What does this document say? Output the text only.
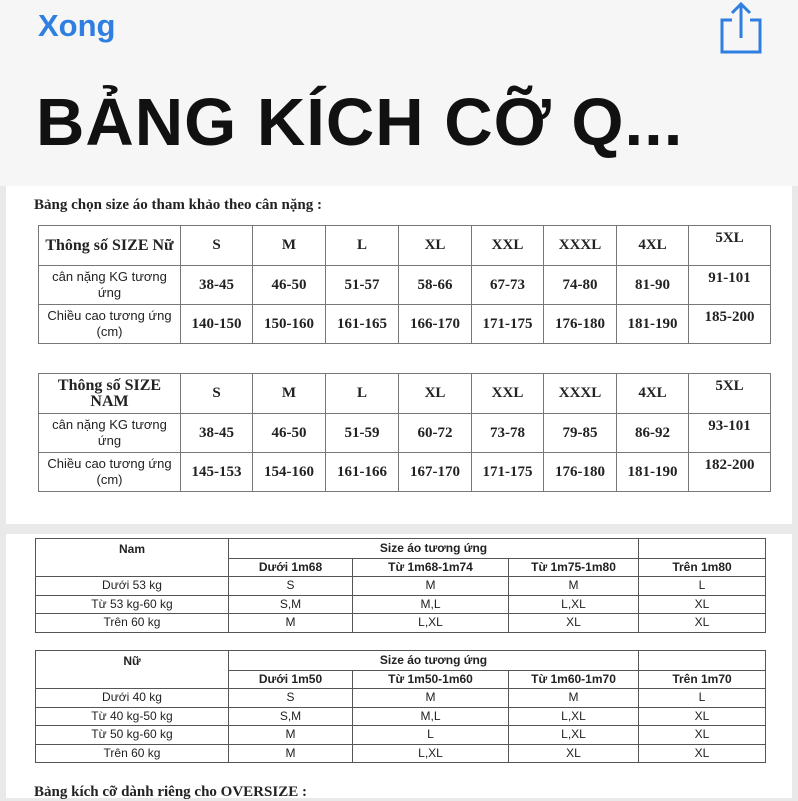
Xong
BẢNG KÍCH CỠ Q...
Bảng chọn size áo tham khảo theo cân nặng :
Thông số SIZE Nữ	S	M	L	XL	XXL	XXXL	4XL	5XL
cân nặng KG tương ứng	38-45	46-50	51-57	58-66	67-73	74-80	81-90	91-101
Chiều cao tương ứng (cm)	140-150	150-160	161-165	166-170	171-175	176-180	181-190	185-200
Thông số SIZE NAM	S	M	L	XL	XXL	XXXL	4XL	5XL
cân nặng KG tương ứng	38-45	46-50	51-59	60-72	73-78	79-85	86-92	93-101
Chiều cao tương ứng (cm)	145-153	154-160	161-166	167-170	171-175	176-180	181-190	182-200
Nam	Size áo tương ứng			
	Dưới 1m68	Từ 1m68-1m74	Từ 1m75-1m80	Trên 1m80
Dưới 53 kg	S	M	M	L
Từ 53 kg-60 kg	S,M	M,L	L,XL	XL
Trên 60 kg	M	L,XL	XL	XL
Nữ	Size áo tương ứng			
	Dưới 1m50	Từ 1m50-1m60	Từ 1m60-1m70	Trên 1m70
Dưới 40 kg	S	M	M	L
Từ 40 kg-50 kg	S,M	M,L	L,XL	XL
Từ 50 kg-60 kg	M	L	L,XL	XL
Trên 60 kg	M	L,XL	XL	XL
Bảng kích cỡ dành riêng cho OVERSIZE :
